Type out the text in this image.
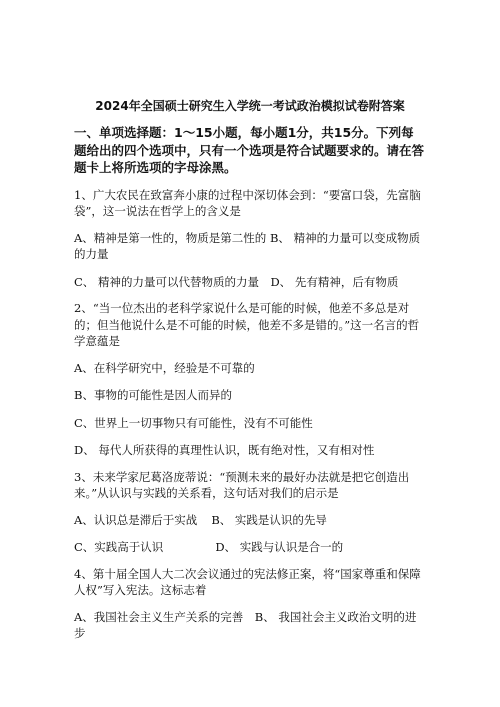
2024年全国硕士研究生入学统一考试政治模拟试卷附答案
一、单项选择题：1～15小题，每小题1分，共15分。下列每题给出的四个选项中，只有一个选项是符合试题要求的。请在答题卡上将所选项的字母涂黑。
1、广大农民在致富奔小康的过程中深切体会到：“要富口袋，先富脑袋”，这一说法在哲学上的含义是
A、精神是第一性的，物质是第二性的 B、 精神的力量可以变成物质的力量
C、 精神的力量可以代替物质的力量　D、 先有精神，后有物质
2、“当一位杰出的老科学家说什么是可能的时候，他差不多总是对的；但当他说什么是不可能的时候，他差不多是错的。”这一名言的哲学意蕴是
A、在科学研究中，经验是不可靠的
B、事物的可能性是因人而异的
C、世界上一切事物只有可能性，没有不可能性
D、 每代人所获得的真理性认识，既有绝对性，又有相对性
3、未来学家尼葛洛庞蒂说：“预测未来的最好办法就是把它创造出来。”从认识与实践的关系看，这句话对我们的启示是
A、认识总是滞后于实战 B、 实践是认识的先导
C、实践高于认识	D、 实践与认识是合一的
4、第十届全国人大二次会议通过的宪法修正案，将“国家尊重和保障人权”写入宪法。这标志着
A、我国社会主义生产关系的完善　B、 我国社会主义政治文明的进步
